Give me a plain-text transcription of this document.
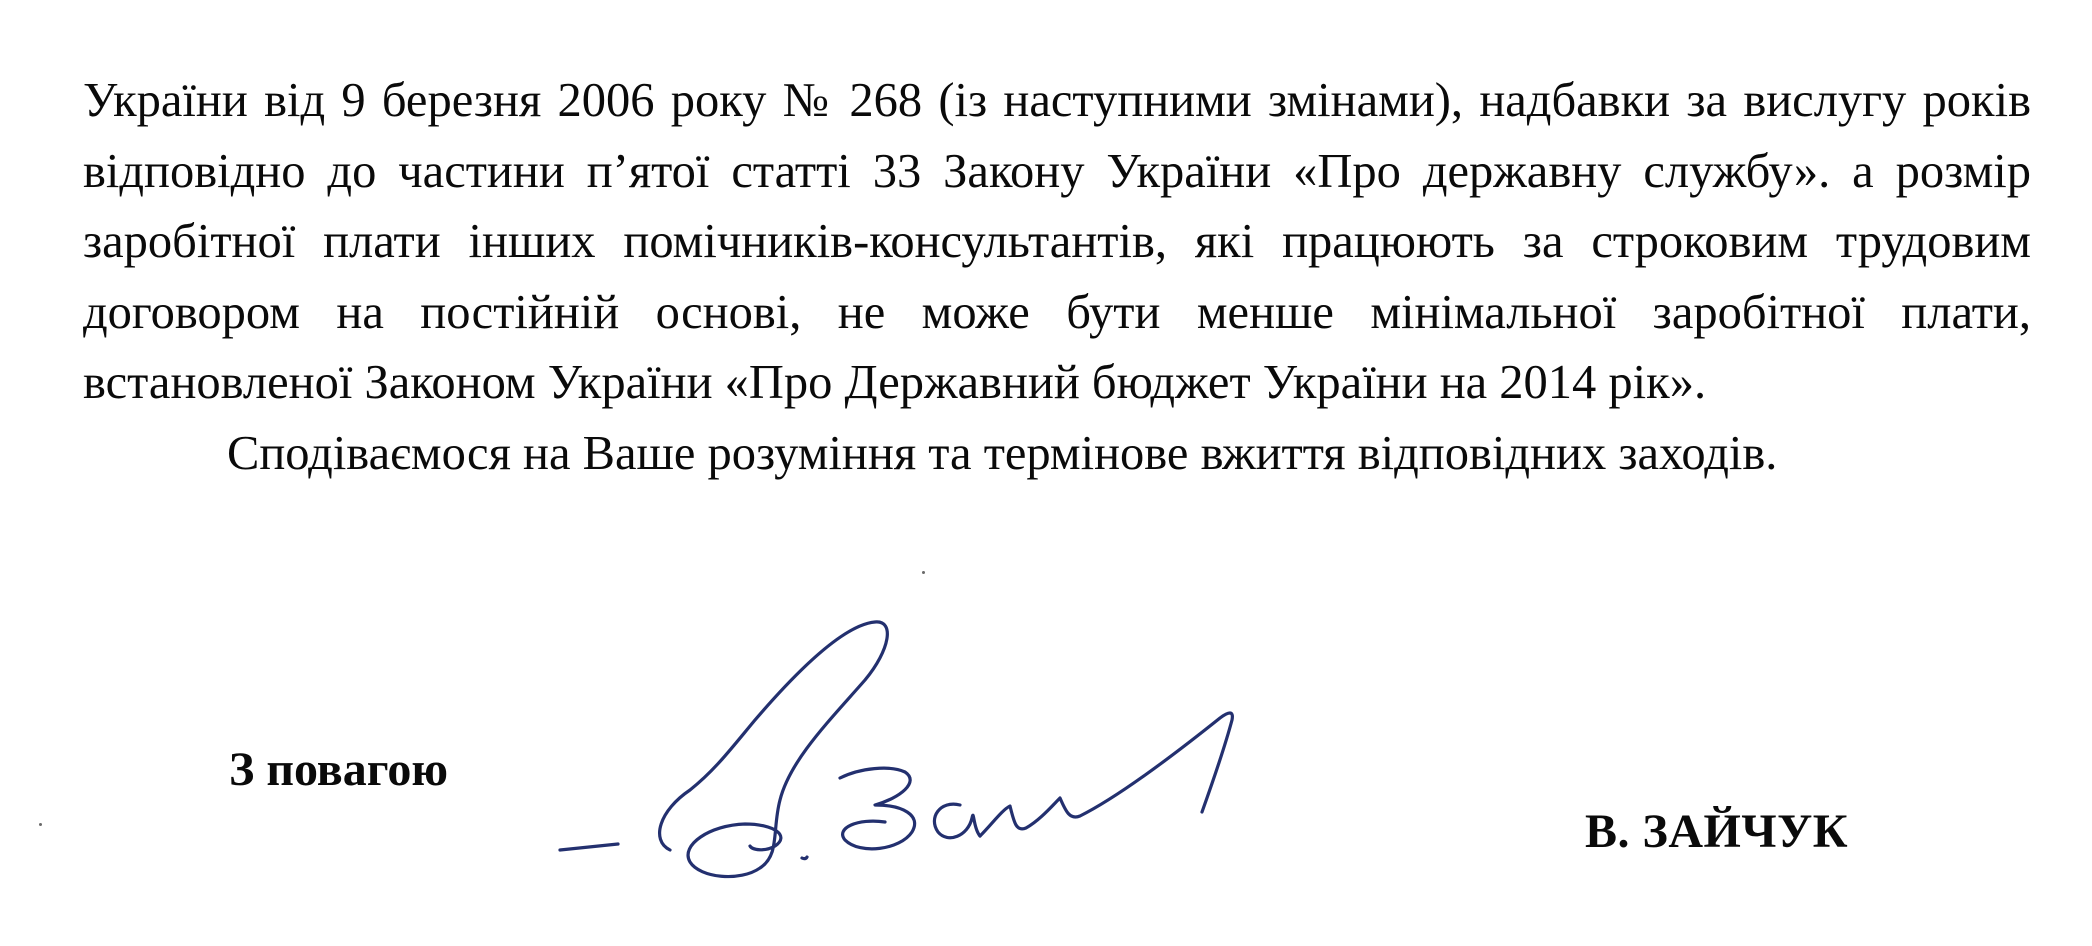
України від 9 березня 2006 року № 268 (із наступними змінами), надбавки за вислугу років відповідно до частини п’ятої статті 33 Закону України «Про державну службу». а розмір заробітної плати інших помічників-консультантів, які працюють за строковим трудовим договором на постійній основі, не може бути менше мінімальної заробітної плати, встановленої Законом України «Про Державний бюджет України на 2014 рік».

Сподіваємося на Ваше розуміння та термінове вжиття відповідних заходів.

З повагою

В. ЗАЙЧУК
